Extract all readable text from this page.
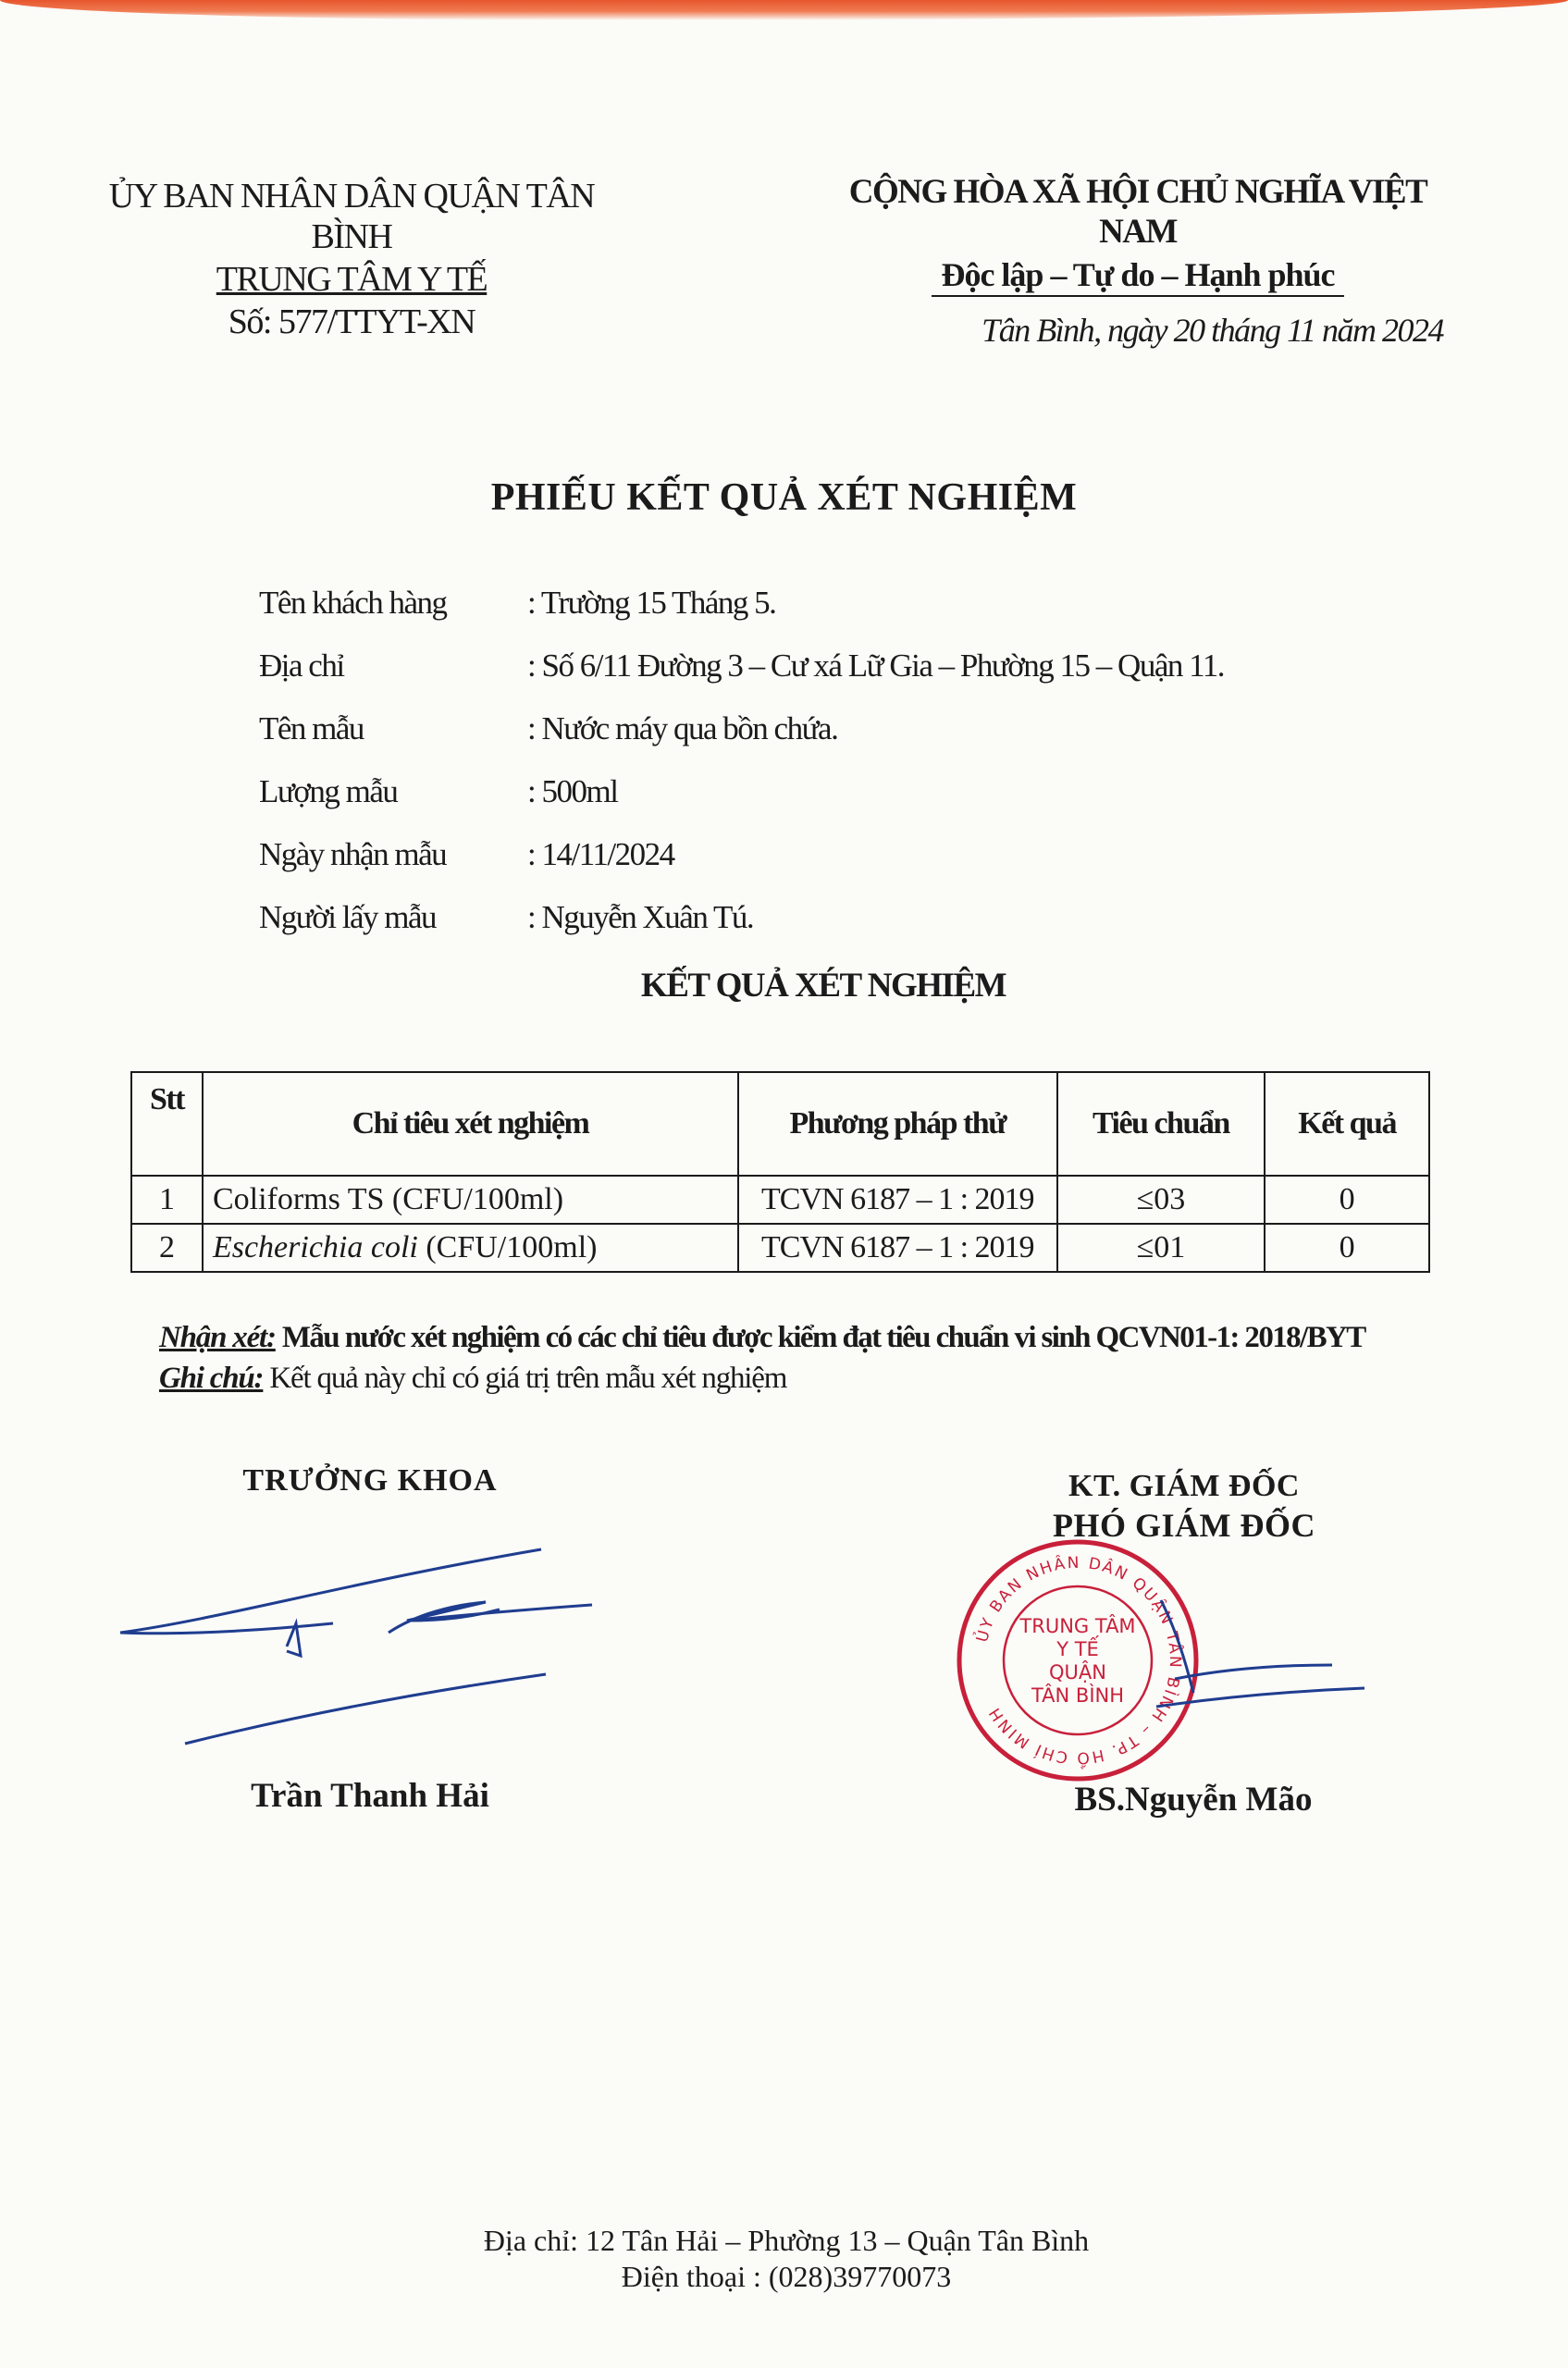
ỦY BAN NHÂN DÂN QUẬN TÂN BÌNH
TRUNG TÂM Y TẾ
Số: 577/TTYT-XN
CỘNG HÒA XÃ HỘI CHỦ NGHĨA VIỆT NAM
Độc lập – Tự do – Hạnh phúc
Tân Bình, ngày 20 tháng 11 năm 2024
PHIẾU KẾT QUẢ XÉT NGHIỆM
Tên khách hàng	: Trường 15 Tháng 5.
Địa chỉ	: Số 6/11 Đường 3 – Cư xá Lữ Gia – Phường 15 – Quận 11.
Tên mẫu	: Nước máy qua bồn chứa.
Lượng mẫu	: 500ml
Ngày nhận mẫu	: 14/11/2024
Người lấy mẫu	: Nguyễn Xuân Tú.
KẾT QUẢ XÉT NGHIỆM
Stt	Chỉ tiêu xét nghiệm	Phương pháp thử	Tiêu chuẩn	Kết quả
1	Coliforms TS (CFU/100ml)	TCVN 6187 – 1 : 2019	≤03	0
2	Escherichia coli (CFU/100ml)	TCVN 6187 – 1 : 2019	≤01	0
Nhận xét: Mẫu nước xét nghiệm có các chỉ tiêu được kiểm đạt tiêu chuẩn vi sinh QCVN01-1: 2018/BYT
Ghi chú: Kết quả này chỉ có giá trị trên mẫu xét nghiệm
TRƯỞNG KHOA
Trần Thanh Hải
KT. GIÁM ĐỐC
PHÓ GIÁM ĐỐC
ỦY BAN NHÂN DÂN QUẬN TÂN BÌNH – TP. HỒ CHÍ MINH
TRUNG TÂM
Y TẾ
QUẬN
TÂN BÌNH
BS.Nguyễn Mão
Địa chỉ: 12 Tân Hải – Phường 13 – Quận Tân Bình
Điện thoại : (028)39770073
